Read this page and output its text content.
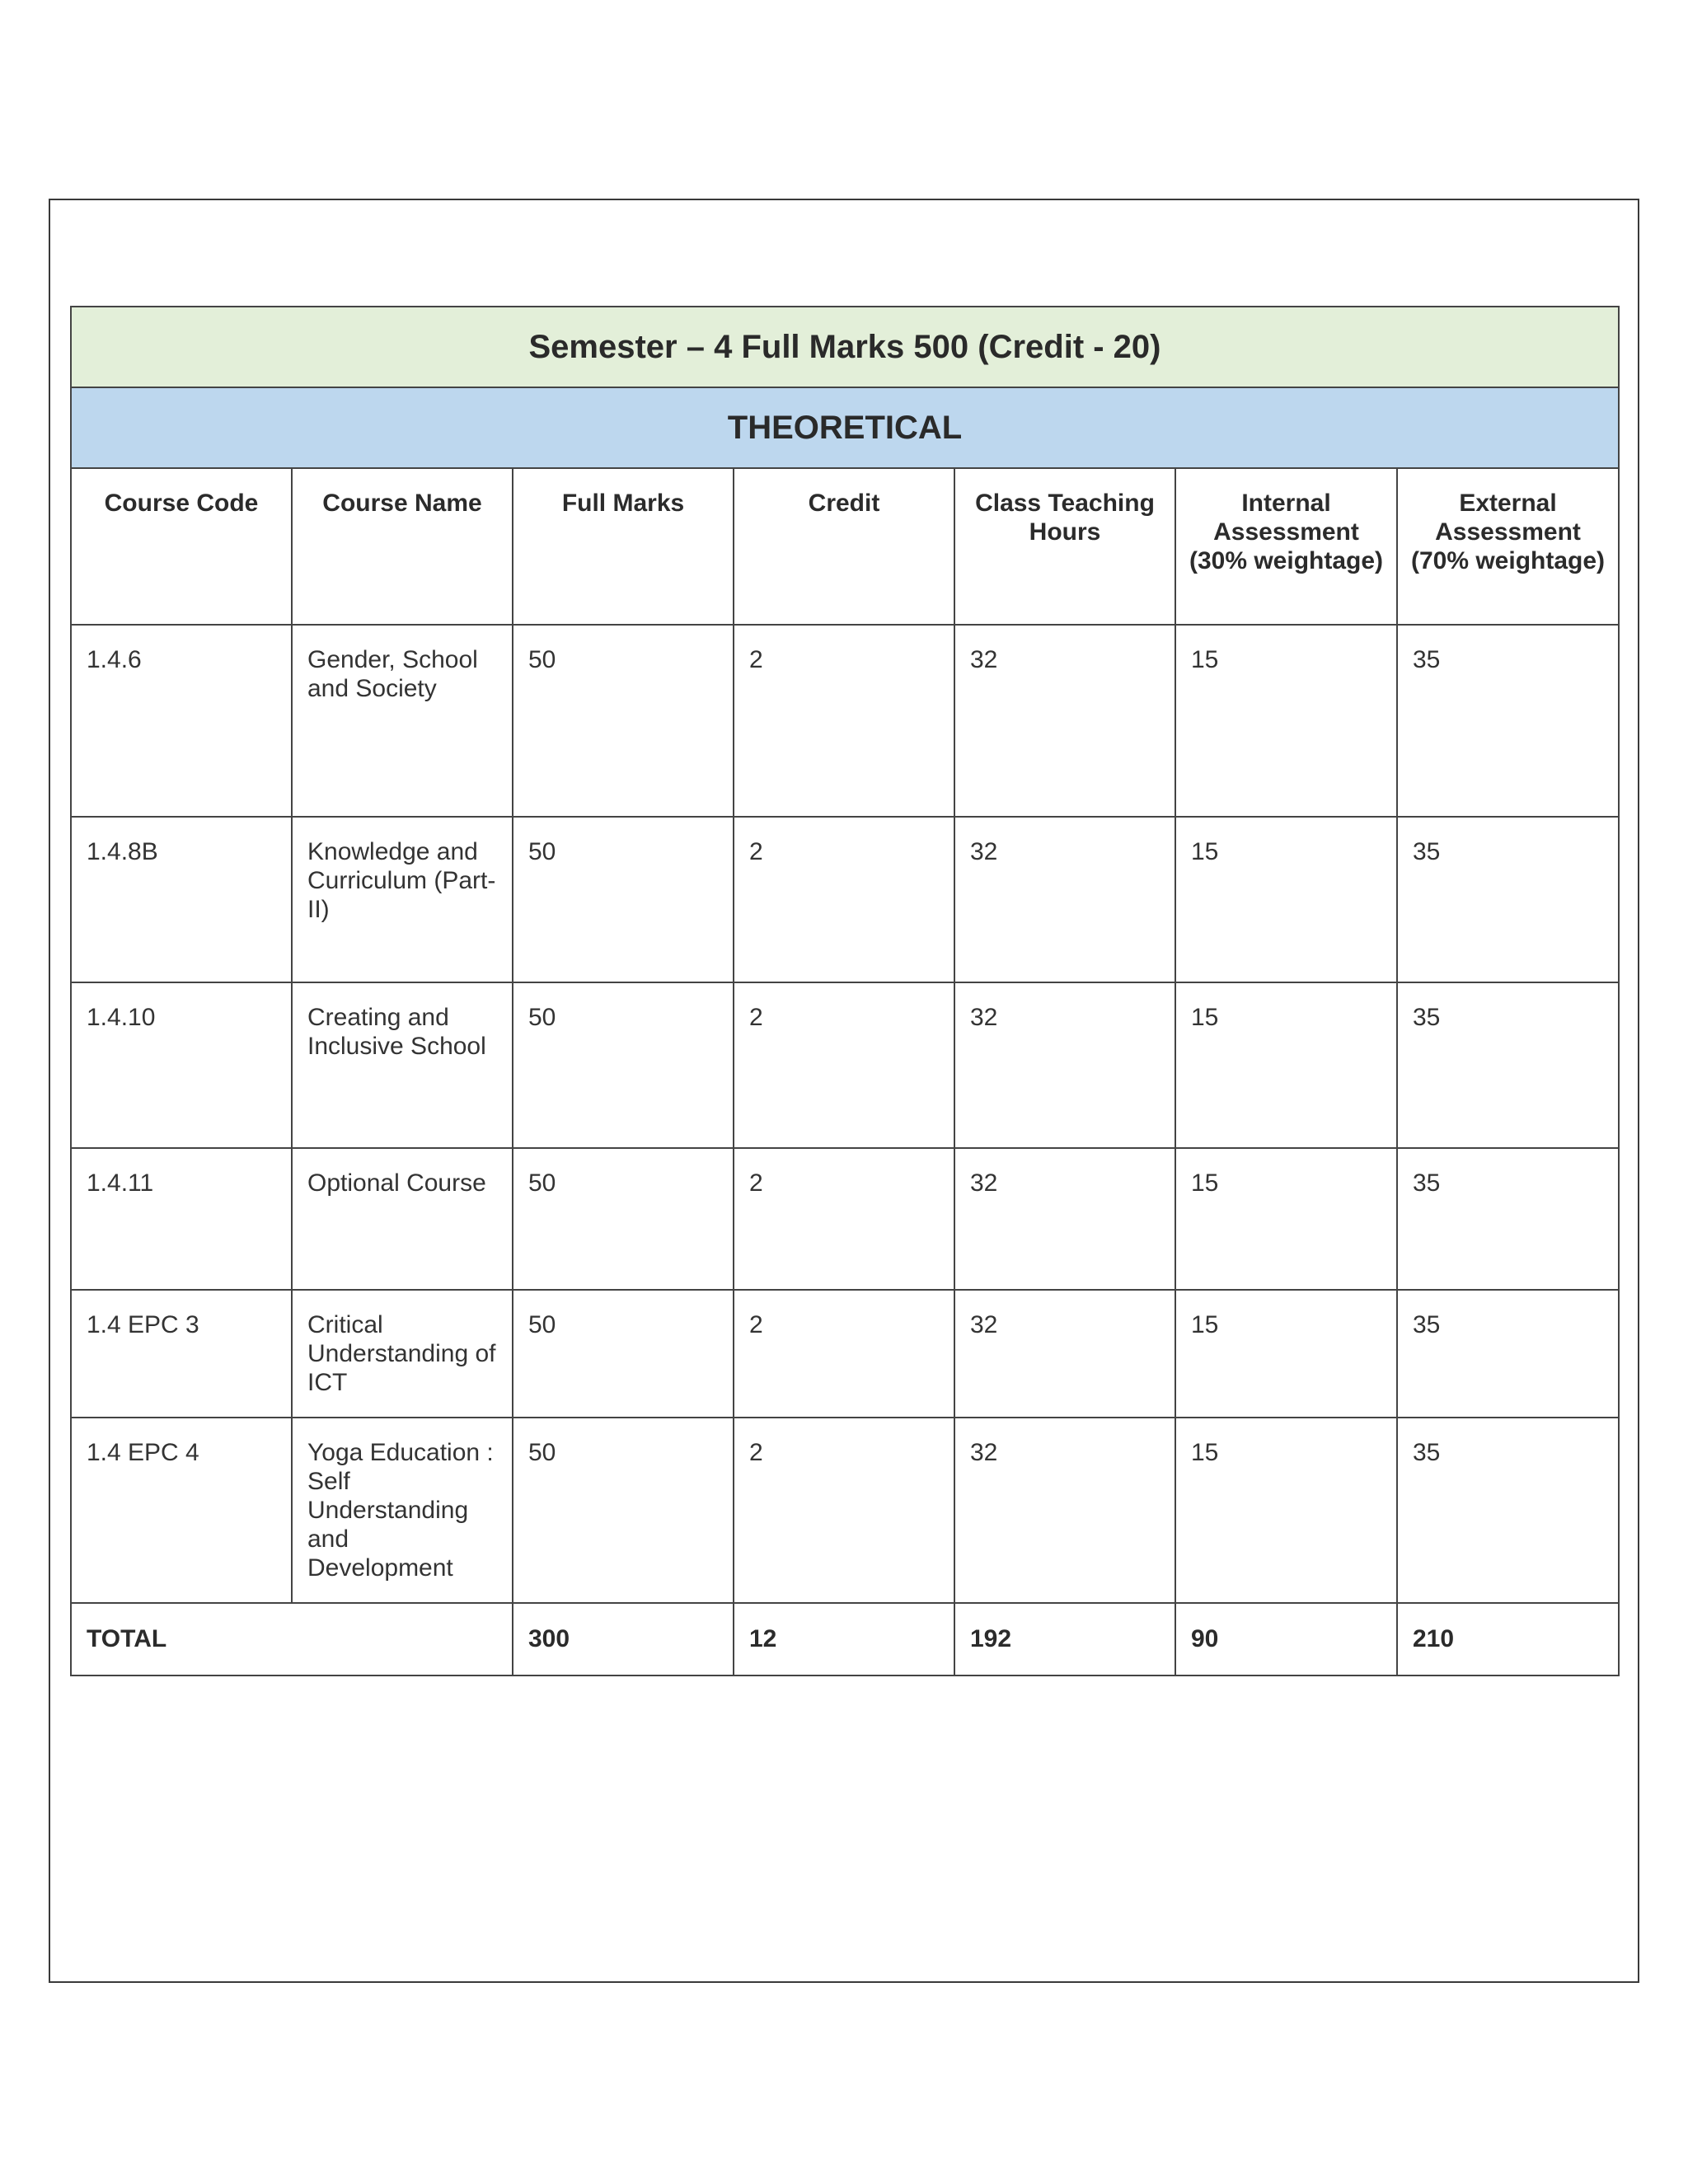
Semester – 4 Full Marks 500 (Credit - 20)						
THEORETICAL						
Course Code	Course Name	Full Marks	Credit	Class Teaching Hours	Internal Assessment (30% weightage)	External Assessment (70% weightage)
1.4.6	Gender, School and Society	50	2	32	15	35
1.4.8B	Knowledge and Curriculum (Part-II)	50	2	32	15	35
1.4.10	Creating and Inclusive School	50	2	32	15	35
1.4.11	Optional Course	50	2	32	15	35
1.4 EPC 3	Critical Understanding of ICT	50	2	32	15	35
1.4 EPC 4	Yoga Education : Self Understanding and Development	50	2	32	15	35
TOTAL		300	12	192	90	210
